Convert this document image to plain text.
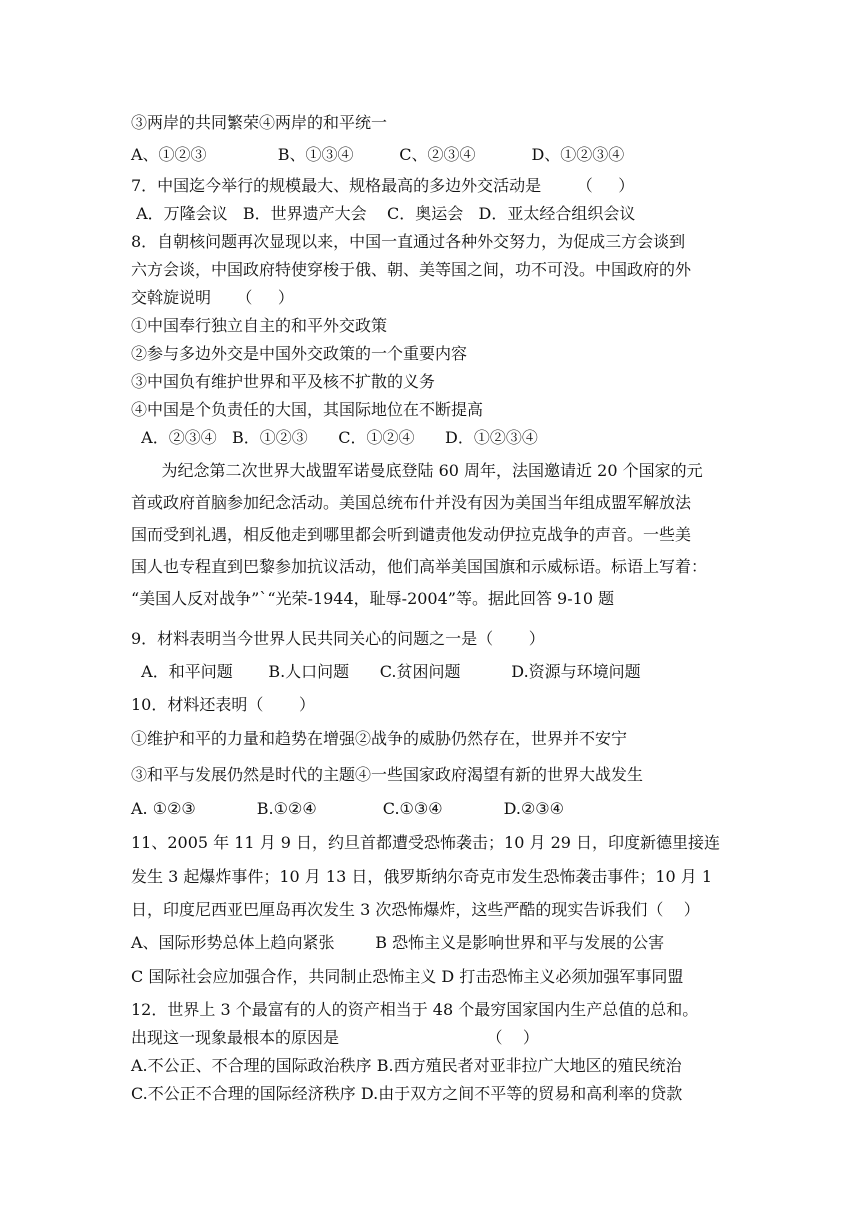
③两岸的共同繁荣④两岸的和平统一
A、①②③              B、①③④         C、②③④           D、①②③④
7．中国迄今举行的规模最大、规格最高的多边外交活动是       （     ）
A．万隆会议   B．世界遗产大会    C．奥运会   D．亚太经合组织会议
8．自朝核问题再次显现以来，中国一直通过各种外交努力，为促成三方会谈到
六方会谈，中国政府特使穿梭于俄、朝、美等国之间，功不可没。中国政府的外
交斡旋说明     （     ）
①中国奉行独立自主的和平外交政策
②参与多边外交是中国外交政策的一个重要内容
③中国负有维护世界和平及核不扩散的义务
④中国是个负责任的大国，其国际地位在不断提高
A．②③④   B．①②③      C．①②④      D．①②③④
为纪念第二次世界大战盟军诺曼底登陆 60 周年，法国邀请近 20 个国家的元
首或政府首脑参加纪念活动。美国总统布什并没有因为美国当年组成盟军解放法
国而受到礼遇，相反他走到哪里都会听到谴责他发动伊拉克战争的声音。一些美
国人也专程直到巴黎参加抗议活动，他们高举美国国旗和示威标语。标语上写着：
“美国人反对战争”`“光荣-1944，耻辱-2004”等。据此回答 9-10 题
9．材料表明当今世界人民共同关心的问题之一是（       ）
A．和平问题       B.人口问题      C.贫困问题          D.资源与环境问题
10．材料还表明（       ）
①维护和平的力量和趋势在增强②战争的威胁仍然存在，世界并不安宁
③和平与发展仍然是时代的主题④一些国家政府渴望有新的世界大战发生
A. ①②③            B.①②④             C.①③④            D.②③④
11、2005 年 11 月 9 日，约旦首都遭受恐怖袭击；10 月 29 日，印度新德里接连
发生 3 起爆炸事件；10 月 13 日，俄罗斯纳尔奇克市发生恐怖袭击事件；10 月 1
日，印度尼西亚巴厘岛再次发生 3 次恐怖爆炸，这些严酷的现实告诉我们（    ）
A、国际形势总体上趋向紧张        B 恐怖主义是影响世界和平与发展的公害
C 国际社会应加强合作，共同制止恐怖主义 D 打击恐怖主义必须加强军事同盟
12．世界上 3 个最富有的人的资产相当于 48 个最穷国家国内生产总值的总和。
出现这一现象最根本的原因是                             （    ）
A.不公正、不合理的国际政治秩序 B.西方殖民者对亚非拉广大地区的殖民统治
C.不公正不合理的国际经济秩序 D.由于双方之间不平等的贸易和高利率的贷款
